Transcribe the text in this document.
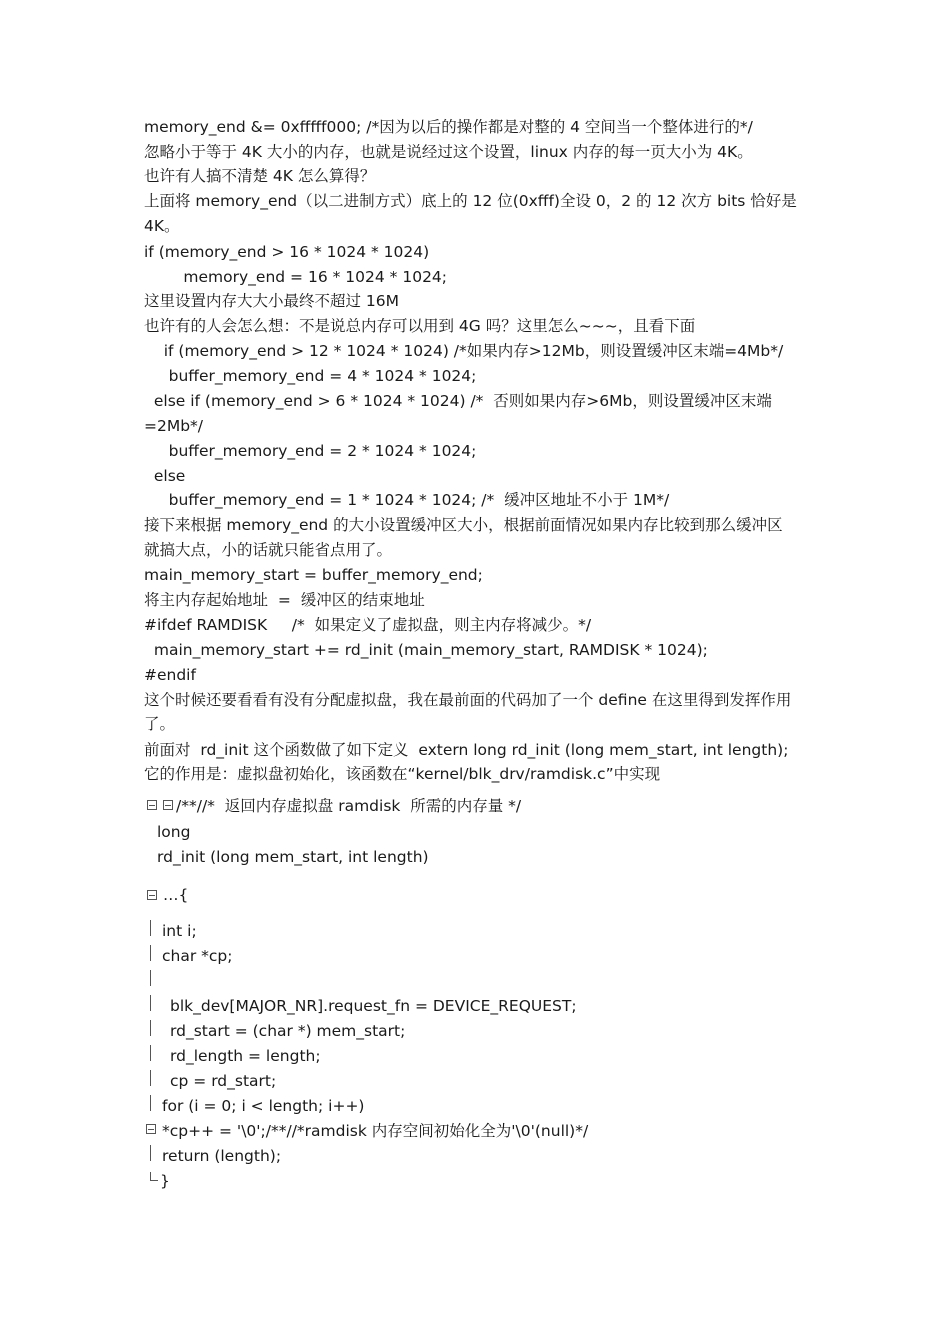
memory_end &= 0xfffff000; /*因为以后的操作都是对整的 4 空间当一个整体进行的*/
忽略小于等于 4K 大小的内存，也就是说经过这个设置，linux 内存的每一页大小为 4K。
也许有人搞不清楚 4K 怎么算得？
上面将 memory_end（以二进制方式）底上的 12 位(0xfff)全设 0，2 的 12 次方 bits 恰好是
4K。
if (memory_end > 16 * 1024 * 1024)
memory_end = 16 * 1024 * 1024;
这里设置内存大大小最终不超过 16M
也许有的人会怎么想：不是说总内存可以用到 4G 吗？这里怎么~~~，且看下面
if (memory_end > 12 * 1024 * 1024) /*如果内存>12Mb，则设置缓冲区末端=4Mb*/
buffer_memory_end = 4 * 1024 * 1024;
else if (memory_end > 6 * 1024 * 1024) /*  否则如果内存>6Mb，则设置缓冲区末端
=2Mb*/
buffer_memory_end = 2 * 1024 * 1024;
else
buffer_memory_end = 1 * 1024 * 1024; /*  缓冲区地址不小于 1M*/
接下来根据 memory_end 的大小设置缓冲区大小，根据前面情况如果内存比较到那么缓冲区
就搞大点，小的话就只能省点用了。
main_memory_start = buffer_memory_end;
将主内存起始地址  =  缓冲区的结束地址
#ifdef RAMDISK     /*  如果定义了虚拟盘，则主内存将减少。*/
main_memory_start += rd_init (main_memory_start, RAMDISK * 1024);
#endif
这个时候还要看看有没有分配虚拟盘，我在最前面的代码加了一个 define 在这里得到发挥作用
了。
前面对  rd_init 这个函数做了如下定义  extern long rd_init (long mem_start, int length);
它的作用是：虚拟盘初始化，该函数在“kernel/blk_drv/ramdisk.c”中实现
/**//*  返回内存虚拟盘 ramdisk  所需的内存量 */
long
rd_init (long mem_start, int length)
…{
int i;
char *cp;
blk_dev[MAJOR_NR].request_fn = DEVICE_REQUEST;
rd_start = (char *) mem_start;
rd_length = length;
cp = rd_start;
for (i = 0; i < length; i++)
*cp++ = '\0';/**//*ramdisk 内存空间初始化全为'\0'(null)*/
return (length);
}
